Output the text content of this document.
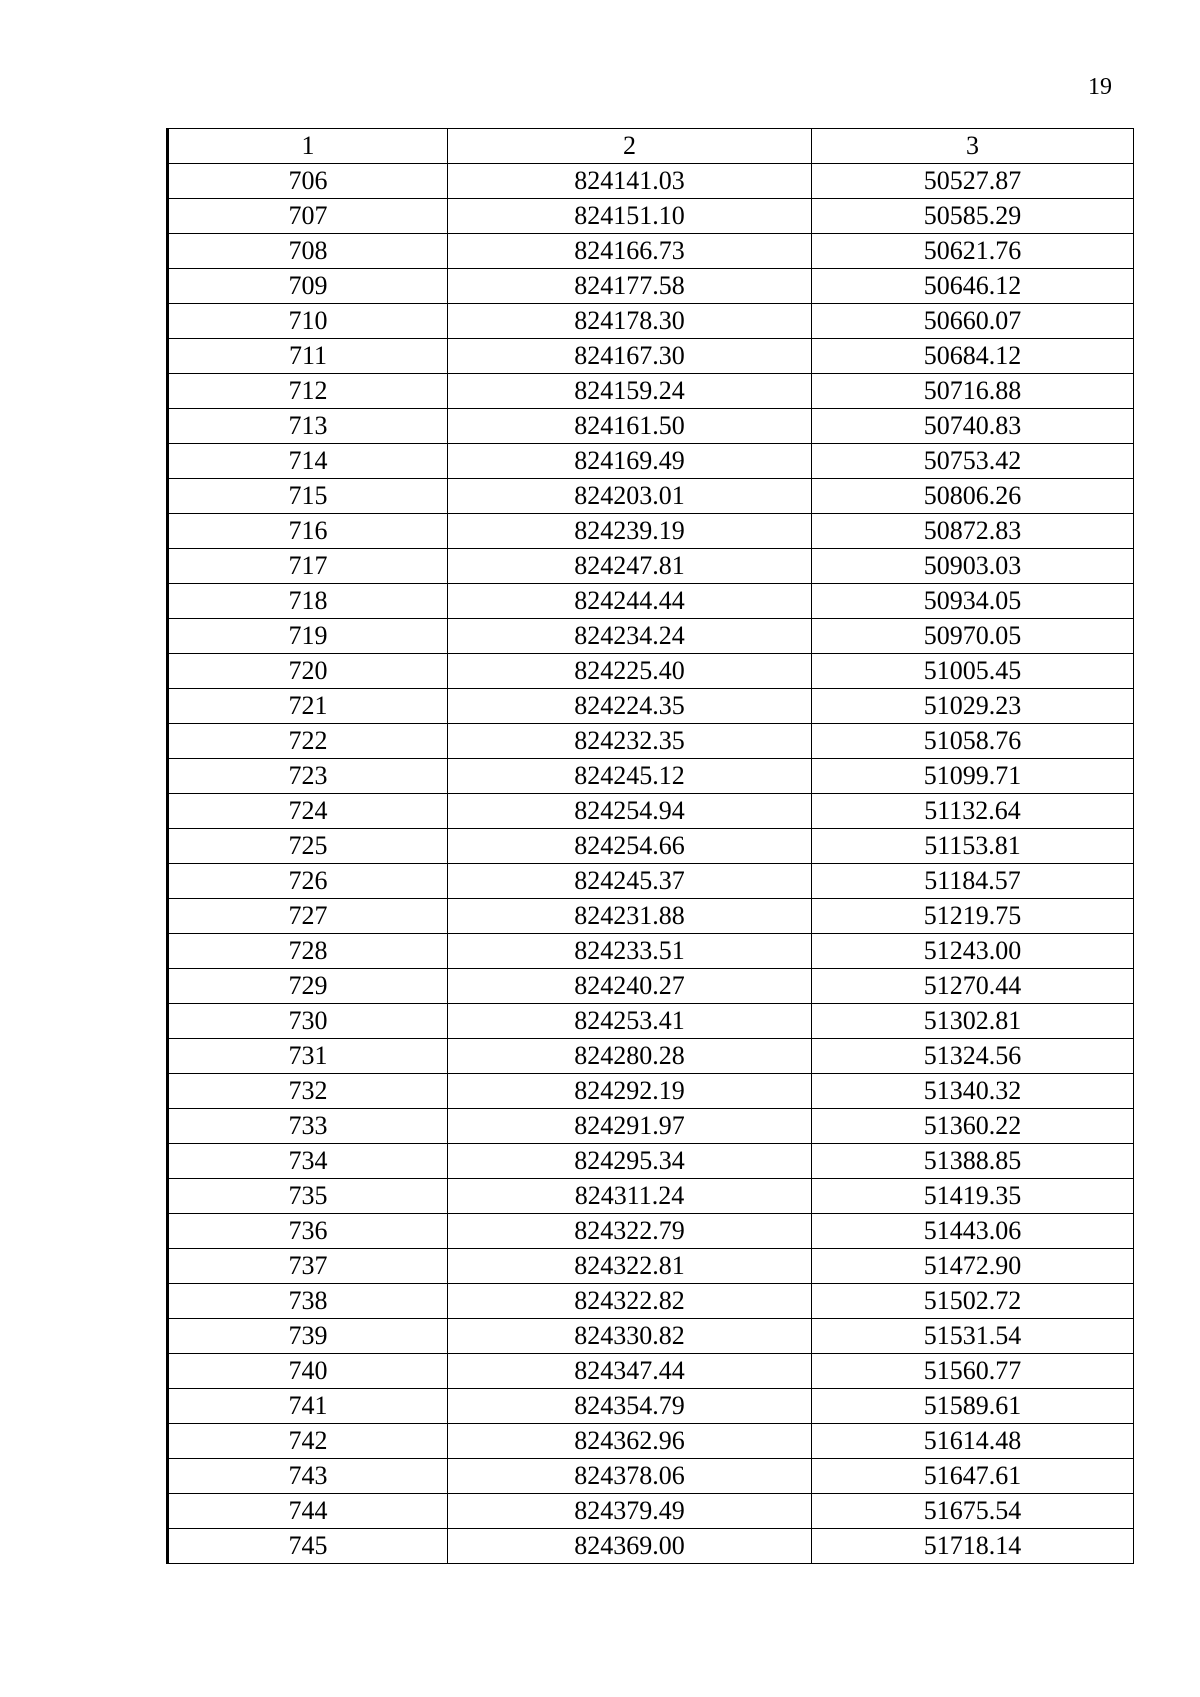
19
1	2	3
706	824141.03	50527.87
707	824151.10	50585.29
708	824166.73	50621.76
709	824177.58	50646.12
710	824178.30	50660.07
711	824167.30	50684.12
712	824159.24	50716.88
713	824161.50	50740.83
714	824169.49	50753.42
715	824203.01	50806.26
716	824239.19	50872.83
717	824247.81	50903.03
718	824244.44	50934.05
719	824234.24	50970.05
720	824225.40	51005.45
721	824224.35	51029.23
722	824232.35	51058.76
723	824245.12	51099.71
724	824254.94	51132.64
725	824254.66	51153.81
726	824245.37	51184.57
727	824231.88	51219.75
728	824233.51	51243.00
729	824240.27	51270.44
730	824253.41	51302.81
731	824280.28	51324.56
732	824292.19	51340.32
733	824291.97	51360.22
734	824295.34	51388.85
735	824311.24	51419.35
736	824322.79	51443.06
737	824322.81	51472.90
738	824322.82	51502.72
739	824330.82	51531.54
740	824347.44	51560.77
741	824354.79	51589.61
742	824362.96	51614.48
743	824378.06	51647.61
744	824379.49	51675.54
745	824369.00	51718.14
